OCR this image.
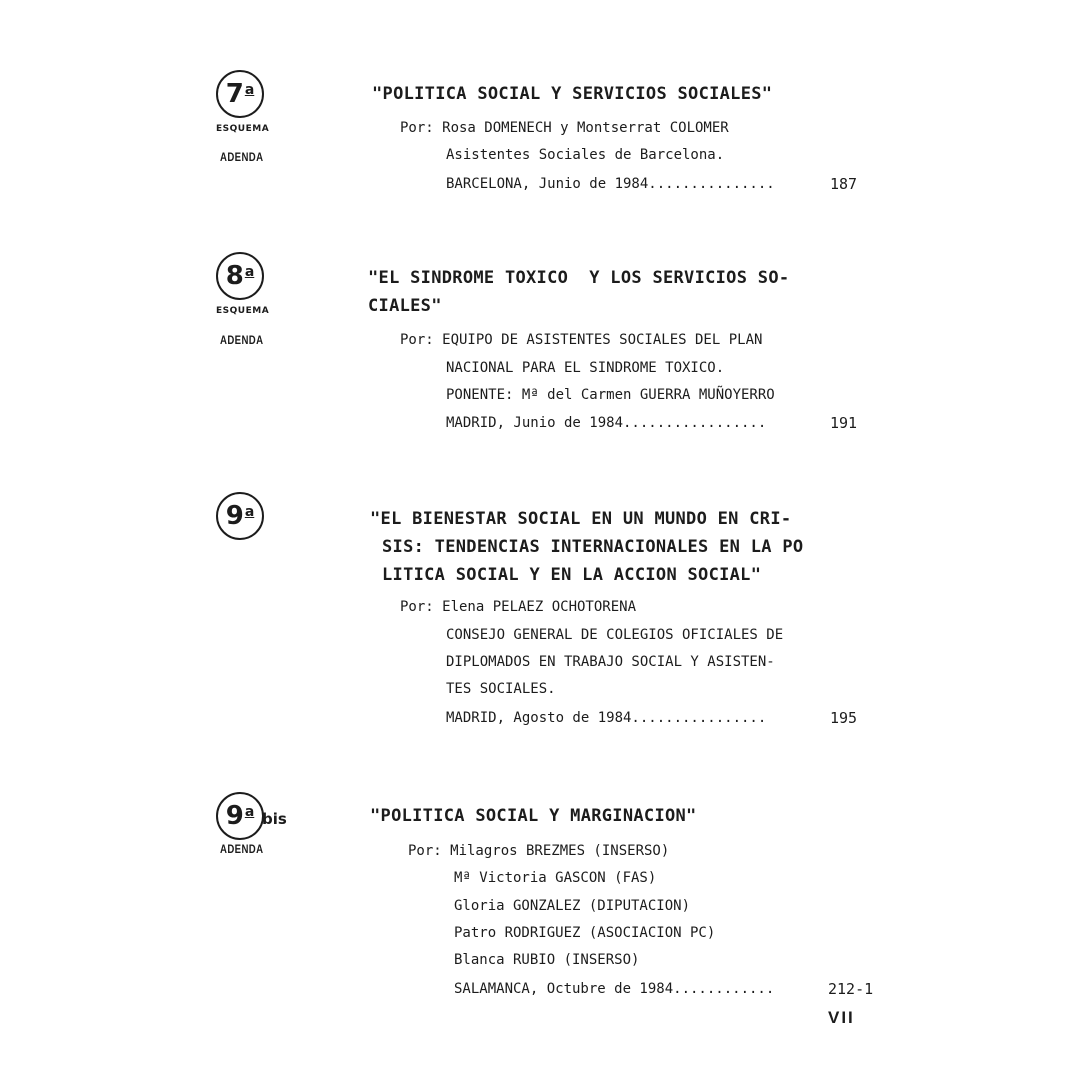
7$^a$
ESQUEMA
ADENDA
"POLITICA SOCIAL Y SERVICIOS SOCIALES"
Por: Rosa DOMENECH y Montserrat COLOMER
Asistentes Sociales de Barcelona.
BARCELONA, Junio de 1984...............	187
8$^a$
ESQUEMA
ADENDA
"EL SINDROME TOXICO  Y LOS SERVICIOS SO-
CIALES"
Por: EQUIPO DE ASISTENTES SOCIALES DEL PLAN
NACIONAL PARA EL SINDROME TOXICO.
PONENTE: Mª del Carmen GUERRA MUÑOYERRO
MADRID, Junio de 1984.................	191
9$^a$	"EL BIENESTAR SOCIAL EN UN MUNDO EN CRI-
SIS: TENDENCIAS INTERNACIONALES EN LA PO
LITICA SOCIAL Y EN LA ACCION SOCIAL"
Por: Elena PELAEZ OCHOTORENA
CONSEJO GENERAL DE COLEGIOS OFICIALES DE
DIPLOMADOS EN TRABAJO SOCIAL Y ASISTEN-
TES SOCIALES.
MADRID, Agosto de 1984................	195
9$^a$ bis
ADENDA
"POLITICA SOCIAL Y MARGINACION"
Por: Milagros BREZMES (INSERSO)
Mª Victoria GASCON (FAS)
Gloria GONZALEZ (DIPUTACION)
Patro RODRIGUEZ (ASOCIACION PC)
Blanca RUBIO (INSERSO)
SALAMANCA, Octubre de 1984............	212-1
VII
